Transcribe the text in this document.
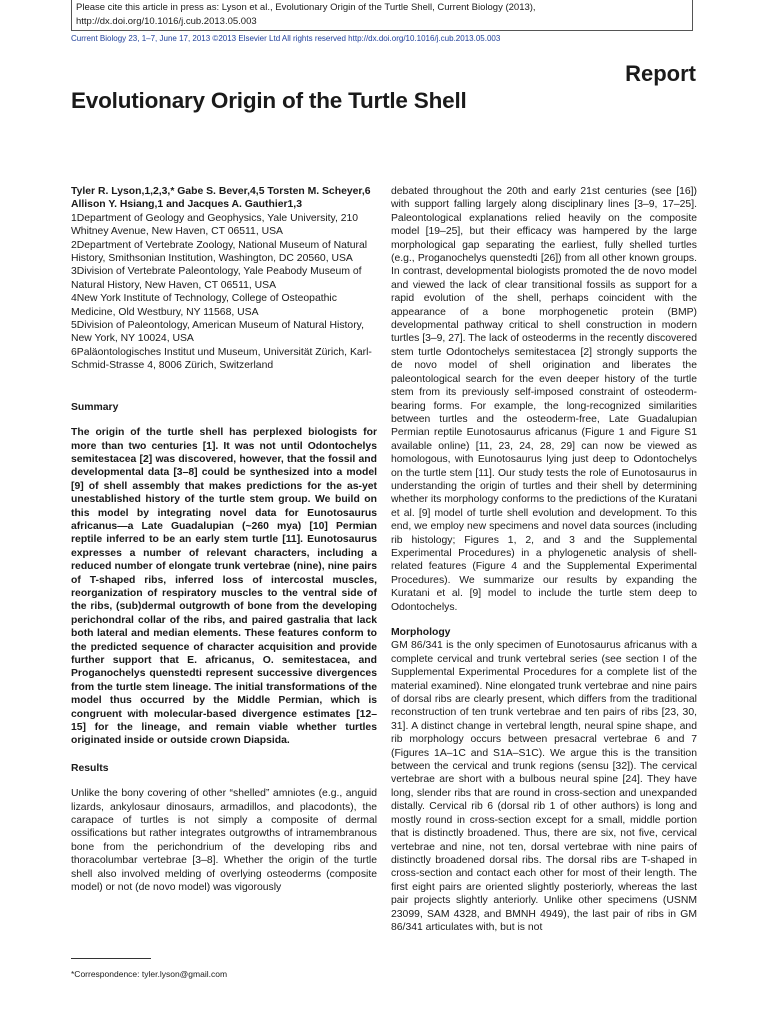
Please cite this article in press as: Lyson et al., Evolutionary Origin of the Turtle Shell, Current Biology (2013), http://dx.doi.org/10.1016/j.cub.2013.05.003
Current Biology 23, 1–7, June 17, 2013 ©2013 Elsevier Ltd All rights reserved http://dx.doi.org/10.1016/j.cub.2013.05.003
Report
Evolutionary Origin of the Turtle Shell

Tyler R. Lyson,1,2,3,* Gabe S. Bever,4,5 Torsten M. Scheyer,6 Allison Y. Hsiang,1 and Jacques A. Gauthier1,3

1Department of Geology and Geophysics, Yale University, 210 Whitney Avenue, New Haven, CT 06511, USA

2Department of Vertebrate Zoology, National Museum of Natural History, Smithsonian Institution, Washington, DC 20560, USA

3Division of Vertebrate Paleontology, Yale Peabody Museum of Natural History, New Haven, CT 06511, USA

4New York Institute of Technology, College of Osteopathic Medicine, Old Westbury, NY 11568, USA

5Division of Paleontology, American Museum of Natural History, New York, NY 10024, USA

6Paläontologisches Institut und Museum, Universität Zürich, Karl-Schmid-Strasse 4, 8006 Zürich, Switzerland

Summary

The origin of the turtle shell has perplexed biologists for more than two centuries [1]. It was not until Odontochelys semitestacea [2] was discovered, however, that the fossil and developmental data [3–8] could be synthesized into a model [9] of shell assembly that makes predictions for the as-yet unestablished history of the turtle stem group. We build on this model by integrating novel data for Eunotosaurus africanus—a Late Guadalupian (~260 mya) [10] Permian reptile inferred to be an early stem turtle [11]. Eunotosaurus expresses a number of relevant characters, including a reduced number of elongate trunk vertebrae (nine), nine pairs of T-shaped ribs, inferred loss of intercostal muscles, reorganization of respiratory muscles to the ventral side of the ribs, (sub)dermal outgrowth of bone from the developing perichondral collar of the ribs, and paired gastralia that lack both lateral and median elements. These features conform to the predicted sequence of character acquisition and provide further support that E. africanus, O. semitestacea, and Proganochelys quenstedti represent successive divergences from the turtle stem lineage. The initial transformations of the model thus occurred by the Middle Permian, which is congruent with molecular-based divergence estimates [12–15] for the lineage, and remain viable whether turtles originated inside or outside crown Diapsida.

Results

Unlike the bony covering of other “shelled” amniotes (e.g., anguid lizards, ankylosaur dinosaurs, armadillos, and placodonts), the carapace of turtles is not simply a composite of dermal ossifications but rather integrates outgrowths of intramembranous bone from the perichondrium of the developing ribs and thoracolumbar vertebrae [3–8]. Whether the origin of the turtle shell also involved melding of overlying osteoderms (composite model) or not (de novo model) was vigorously

debated throughout the 20th and early 21st centuries (see [16]) with support falling largely along disciplinary lines [3–9, 17–25]. Paleontological explanations relied heavily on the composite model [19–25], but their efficacy was hampered by the large morphological gap separating the earliest, fully shelled turtles (e.g., Proganochelys quenstedti [26]) from all other known groups. In contrast, developmental biologists promoted the de novo model and viewed the lack of clear transitional fossils as support for a rapid evolution of the shell, perhaps coincident with the appearance of a bone morphogenetic protein (BMP) developmental pathway critical to shell construction in modern turtles [3–9, 27]. The lack of osteoderms in the recently discovered stem turtle Odontochelys semitestacea [2] strongly supports the de novo model of shell origination and liberates the paleontological search for the even deeper history of the turtle stem from its previously self-imposed constraint of osteoderm-bearing forms. For example, the long-recognized similarities between turtles and the osteoderm-free, Late Guadalupian Permian reptile Eunotosaurus africanus (Figure 1 and Figure S1 available online) [11, 23, 24, 28, 29] can now be viewed as homologous, with Eunotosaurus lying just deep to Odontochelys on the turtle stem [11]. Our study tests the role of Eunotosaurus in understanding the origin of turtles and their shell by determining whether its morphology conforms to the predictions of the Kuratani et al. [9] model of turtle shell evolution and development. To this end, we employ new specimens and novel data sources (including rib histology; Figures 1, 2, and 3 and the Supplemental Experimental Procedures) in a phylogenetic analysis of shell-related features (Figure 4 and the Supplemental Experimental Procedures). We summarize our results by expanding the Kuratani et al. [9] model to include the turtle stem deep to Odontochelys.

Morphology

GM 86/341 is the only specimen of Eunotosaurus africanus with a complete cervical and trunk vertebral series (see section I of the Supplemental Experimental Procedures for a complete list of the material examined). Nine elongated trunk vertebrae and nine pairs of dorsal ribs are clearly present, which differs from the traditional reconstruction of ten trunk vertebrae and ten pairs of ribs [23, 30, 31]. A distinct change in vertebral length, neural spine shape, and rib morphology occurs between presacral vertebrae 6 and 7 (Figures 1A–1C and S1A–S1C). We argue this is the transition between the cervical and trunk regions (sensu [32]). The cervical vertebrae are short with a bulbous neural spine [24]. They have long, slender ribs that are round in cross-section and unexpanded distally. Cervical rib 6 (dorsal rib 1 of other authors) is long and mostly round in cross-section except for a small, middle portion that is distinctly broadened. Thus, there are six, not five, cervical vertebrae and nine, not ten, dorsal vertebrae with nine pairs of distinctly broadened dorsal ribs. The dorsal ribs are T-shaped in cross-section and contact each other for most of their length. The first eight pairs are oriented slightly posteriorly, whereas the last pair projects slightly anteriorly. Unlike other specimens (USNM 23099, SAM 4328, and BMNH 4949), the last pair of ribs in GM 86/341 articulates with, but is not

*Correspondence: tyler.lyson@gmail.com
